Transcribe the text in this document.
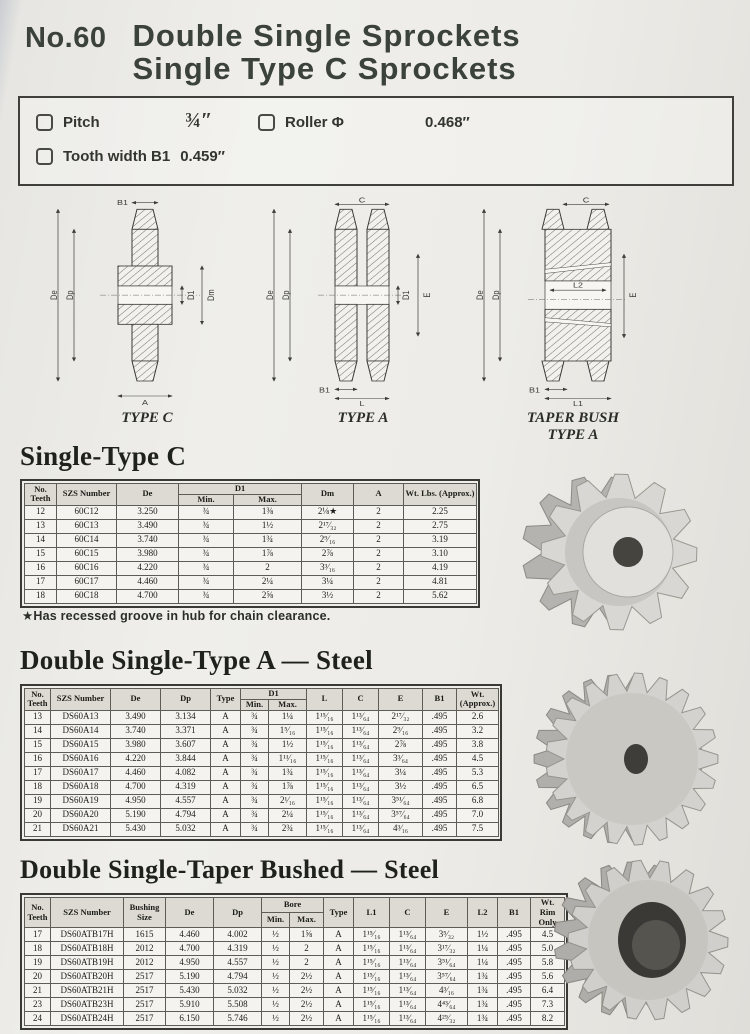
No.60 Double Single Sprockets
Single Type C Sprockets
Pitch	¾″	Roller Φ	0.468″
Tooth width B1 0.459″
B1
De Dp	D1 Dm
A
TYPE C
C
De Dp	D1 E
B1
L
TYPE A
L2
C
De Dp	E
B1
L1
TAPER BUSH
TYPE A
Single-Type C
No. Teeth	SZS Number	De	D1		Dm	A	Wt. Lbs. (Approx.)
			Min.	Max.			
12	60C12	3.250	¾	1⅜	2⅛★	2	2.25
13	60C13	3.490	¾	1½	2¹⁷⁄₃₂	2	2.75
14	60C14	3.740	¾	1¾	2⁹⁄₁₆	2	3.19
15	60C15	3.980	¾	1⅞	2⅞	2	3.10
16	60C16	4.220	¾	2	3³⁄₁₆	2	4.19
17	60C17	4.460	¾	2¼	3¼	2	4.81
18	60C18	4.700	¾	2⅝	3½	2	5.62
★Has recessed groove in hub for chain clearance.
Double Single-Type A — Steel
No. Teeth	SZS Number	De	Dp	Type	D1		L	C	E	B1	Wt. (Approx.)
					Min.	Max.					
13	DS60A13	3.490	3.134	A	¾	1¼	1¹⁵⁄₁₆	1¹³⁄₆₄	2¹⁷⁄₃₂	.495	2.6
14	DS60A14	3.740	3.371	A	¾	1⁵⁄₁₆	1¹⁵⁄₁₆	1¹³⁄₆₄	2⁹⁄₁₆	.495	3.2
15	DS60A15	3.980	3.607	A	¾	1½	1¹⁵⁄₁₆	1¹³⁄₆₄	2⅞	.495	3.8
16	DS60A16	4.220	3.844	A	¾	1¹¹⁄₁₆	1¹⁵⁄₁₆	1¹³⁄₆₄	3³⁄₆₄	.495	4.5
17	DS60A17	4.460	4.082	A	¾	1¾	1¹⁵⁄₁₆	1¹³⁄₆₄	3¼	.495	5.3
18	DS60A18	4.700	4.319	A	¾	1⅞	1¹⁵⁄₁₆	1¹³⁄₆₄	3½	.495	6.5
19	DS60A19	4.950	4.557	A	¾	2¹⁄₁₆	1¹⁵⁄₁₆	1¹³⁄₆₄	3⁵¹⁄₆₄	.495	6.8
20	DS60A20	5.190	4.794	A	¾	2¼	1¹⁵⁄₁₆	1¹³⁄₆₄	3⁵⁷⁄₆₄	.495	7.0
21	DS60A21	5.430	5.032	A	¾	2¾	1¹⁵⁄₁₆	1¹³⁄₆₄	4³⁄₁₆	.495	7.5
Double Single-Taper Bushed — Steel
No. Teeth	SZS Number	Bushing Size	De	Dp	Bore		Type	L1	C	E	L2	B1	Wt. Rim Only
					Min.	Max.							
17	DS60ATB17H	1615	4.460	4.002	½	1⅝	A	1¹⁵⁄₁₆	1¹³⁄₆₄	3⁵⁄₃₂	1½	.495	4.5
18	DS60ATB18H	2012	4.700	4.319	½	2	A	1¹⁵⁄₁₆	1¹³⁄₆₄	3¹⁷⁄₃₂	1¼	.495	5.0
19	DS60ATB19H	2012	4.950	4.557	½	2	A	1¹⁵⁄₁₆	1¹³⁄₆₄	3⁵¹⁄₆₄	1¼	.495	5.8
20	DS60ATB20H	2517	5.190	4.794	½	2½	A	1¹⁵⁄₁₆	1¹³⁄₆₄	3⁵⁷⁄₆₄	1¾	.495	5.6
21	DS60ATB21H	2517	5.430	5.032	½	2½	A	1¹⁵⁄₁₆	1¹³⁄₆₄	4³⁄₁₆	1¾	.495	6.4
23	DS60ATB23H	2517	5.910	5.508	½	2½	A	1¹⁵⁄₁₆	1¹³⁄₆₄	4⁴³⁄₆₄	1¾	.495	7.3
24	DS60ATB24H	2517	6.150	5.746	½	2½	A	1¹⁵⁄₁₆	1¹³⁄₆₄	4²⁹⁄₃₂	1¾	.495	8.2
